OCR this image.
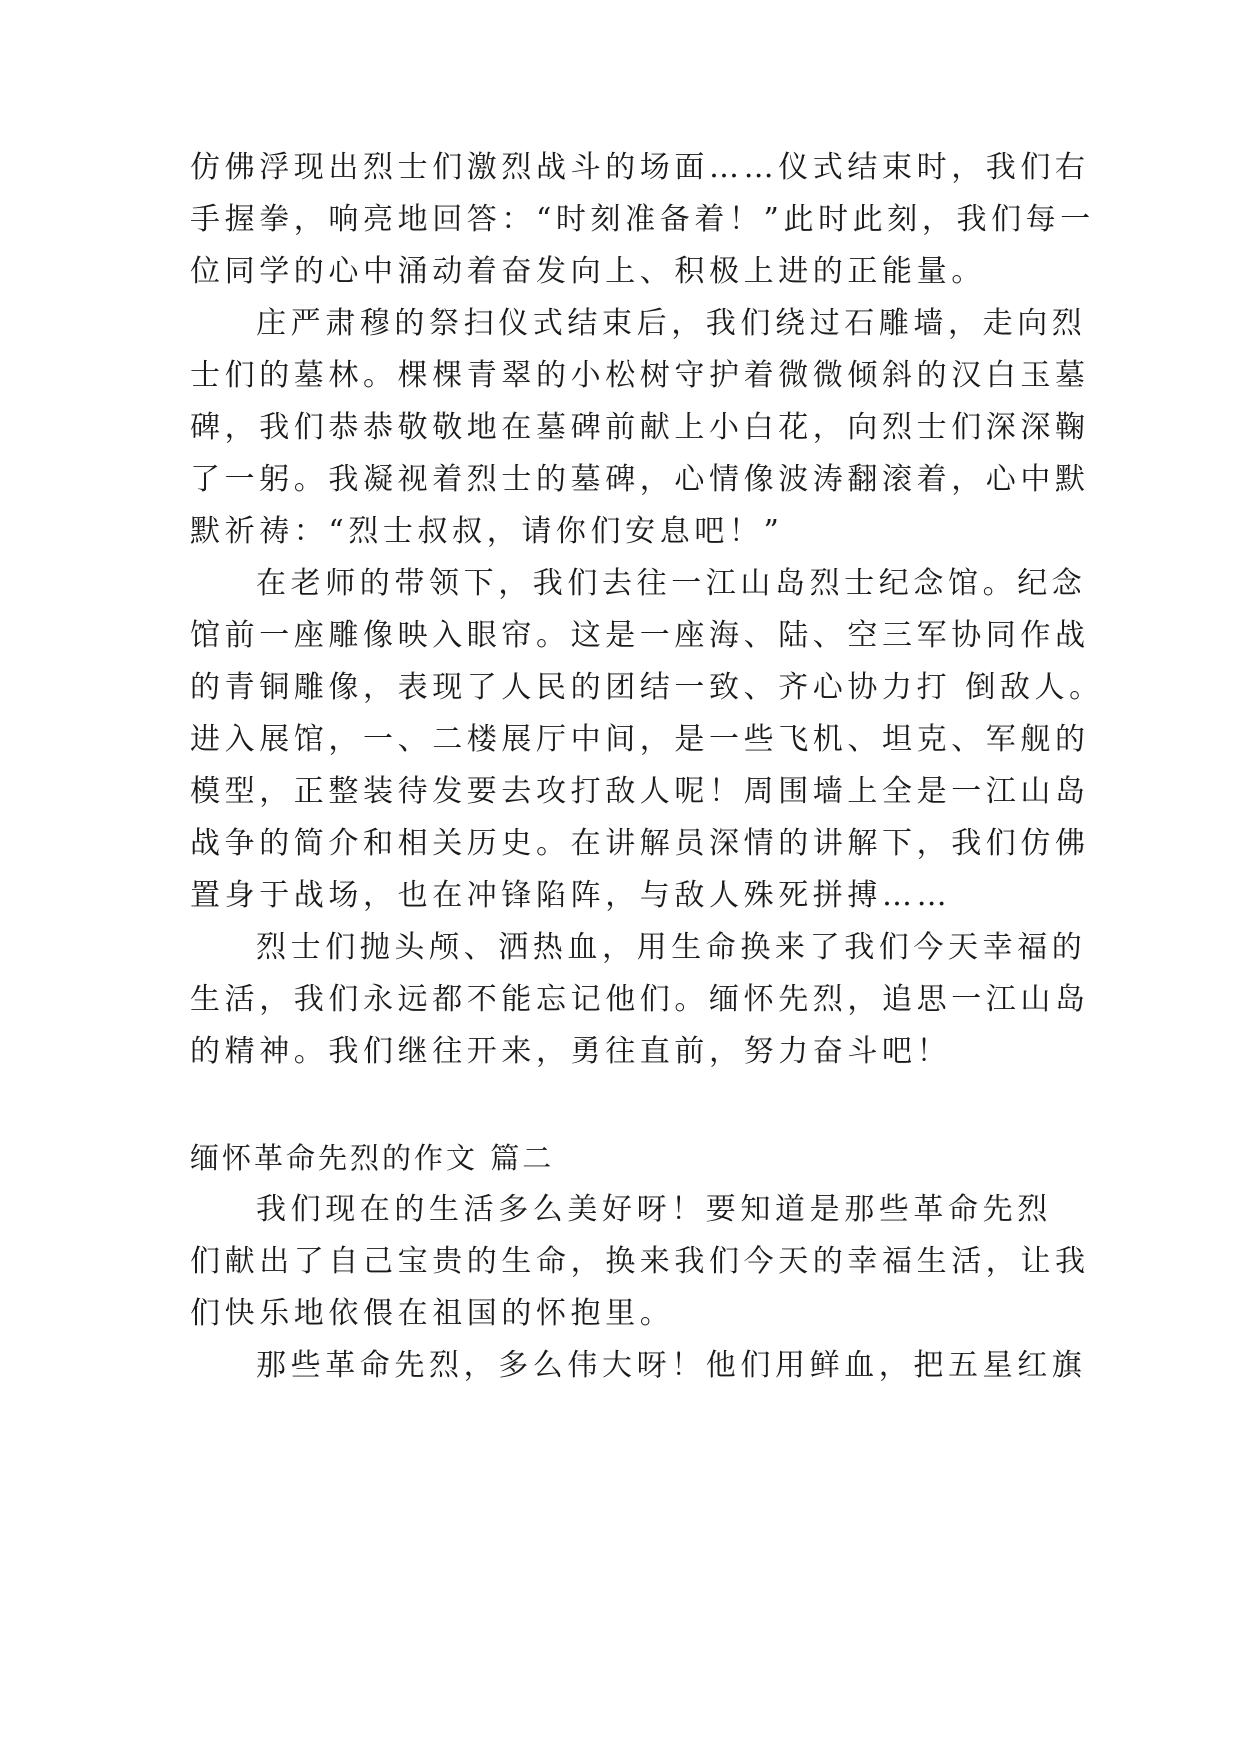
仿佛浮现出烈士们激烈战斗的场面……仪式结束时，我们右
手握拳，响亮地回答：“时刻准备着！”此时此刻，我们每一
位同学的心中涌动着奋发向上、积极上进的正能量。
庄严肃穆的祭扫仪式结束后，我们绕过石雕墙，走向烈
士们的墓林。棵棵青翠的小松树守护着微微倾斜的汉白玉墓
碑，我们恭恭敬敬地在墓碑前献上小白花，向烈士们深深鞠
了一躬。我凝视着烈士的墓碑，心情像波涛翻滚着，心中默
默祈祷：“烈士叔叔，请你们安息吧！”
在老师的带领下，我们去往一江山岛烈士纪念馆。纪念
馆前一座雕像映入眼帘。这是一座海、陆、空三军协同作战
的青铜雕像，表现了人民的团结一致、齐心协力打 倒敌人。
进入展馆，一、二楼展厅中间，是一些飞机、坦克、军舰的
模型，正整装待发要去攻打敌人呢！周围墙上全是一江山岛
战争的简介和相关历史。在讲解员深情的讲解下，我们仿佛
置身于战场，也在冲锋陷阵，与敌人殊死拼搏……
烈士们抛头颅、洒热血，用生命换来了我们今天幸福的
生活，我们永远都不能忘记他们。缅怀先烈，追思一江山岛
的精神。我们继往开来，勇往直前，努力奋斗吧！
缅怀革命先烈的作文 篇二
我们现在的生活多么美好呀！要知道是那些革命先烈
们献出了自己宝贵的生命，换来我们今天的幸福生活，让我
们快乐地依偎在祖国的怀抱里。
那些革命先烈，多么伟大呀！他们用鲜血，把五星红旗
